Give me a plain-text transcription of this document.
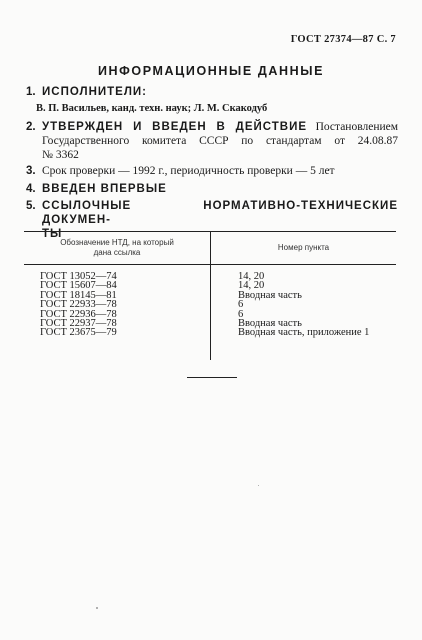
ГОСТ 27374—87 С. 7
ИНФОРМАЦИОННЫЕ ДАННЫЕ
1. ИСПОЛНИТЕЛИ:
В. П. Васильев, канд. техн. наук; Л. М. Скакодуб
2. УТВЕРЖДЕН И ВВЕДЕН В ДЕЙСТВИЕ Постановлением
Государственного комитета СССР по стандартам от 24.08.87
№ 3362
3. Срок проверки — 1992 г., периодичность проверки — 5 лет
4. ВВЕДЕН ВПЕРВЫЕ
5. ССЫЛОЧНЫЕ НОРМАТИВНО-ТЕХНИЧЕСКИЕ ДОКУМЕН-
ТЫ
Обозначение НТД, на который
дана ссылка
Номер пункта
ГОСТ 13052—74	14, 20
ГОСТ 15607—84	14, 20
ГОСТ 18145—81	Вводная часть
ГОСТ 22933—78	6
ГОСТ 22936—78	6
ГОСТ 22937—78	Вводная часть
ГОСТ 23675—79	Вводная часть, приложение 1
